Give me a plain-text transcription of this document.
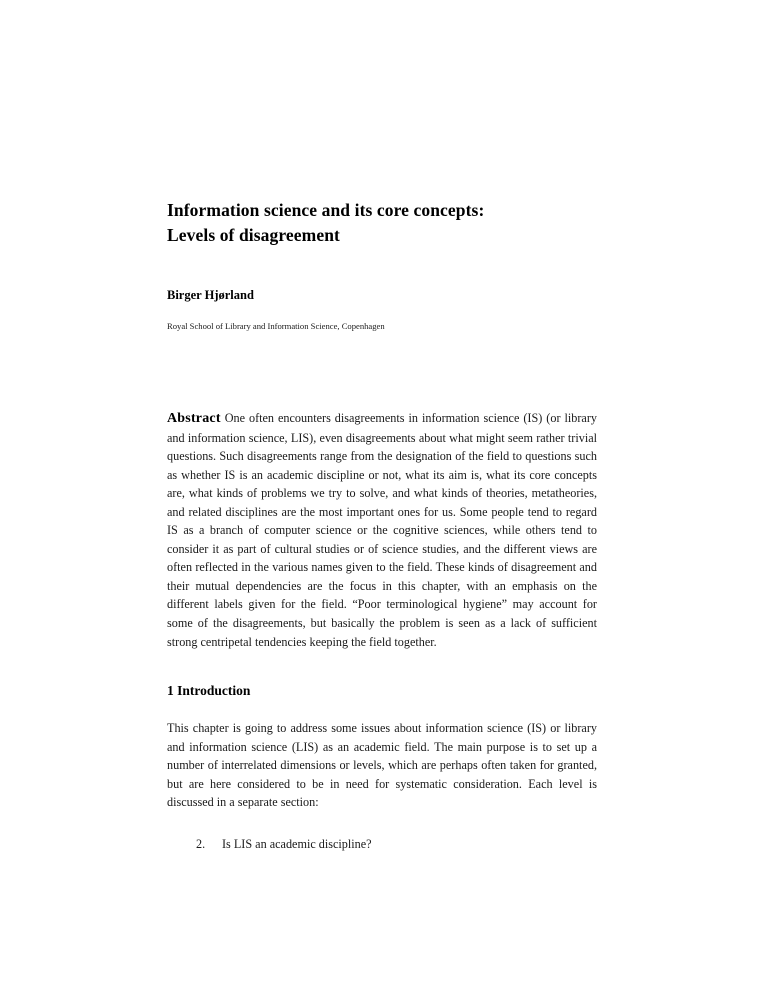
Information science and its core concepts:
Levels of disagreement

Birger Hjørland

Royal School of Library and Information Science, Copenhagen

Abstract One often encounters disagreements in information science (IS) (or library and information science, LIS), even disagreements about what might seem rather trivial questions. Such disagreements range from the designation of the field to questions such as whether IS is an academic discipline or not, what its aim is, what its core concepts are, what kinds of problems we try to solve, and what kinds of theories, metatheories, and related disciplines are the most important ones for us. Some people tend to regard IS as a branch of computer science or the cognitive sciences, while others tend to consider it as part of cultural studies or of science studies, and the different views are often reflected in the various names given to the field. These kinds of disagreement and their mutual dependencies are the focus in this chapter, with an emphasis on the different labels given for the field. “Poor terminological hygiene” may account for some of the disagreements, but basically the problem is seen as a lack of sufficient strong centripetal tendencies keeping the field together.

1 Introduction

This chapter is going to address some issues about information science (IS) or library and information science (LIS) as an academic field. The main purpose is to set up a number of interrelated dimensions or levels, which are perhaps often taken for granted, but are here considered to be in need for systematic consideration. Each level is discussed in a separate section:

2.	Is LIS an academic discipline?
